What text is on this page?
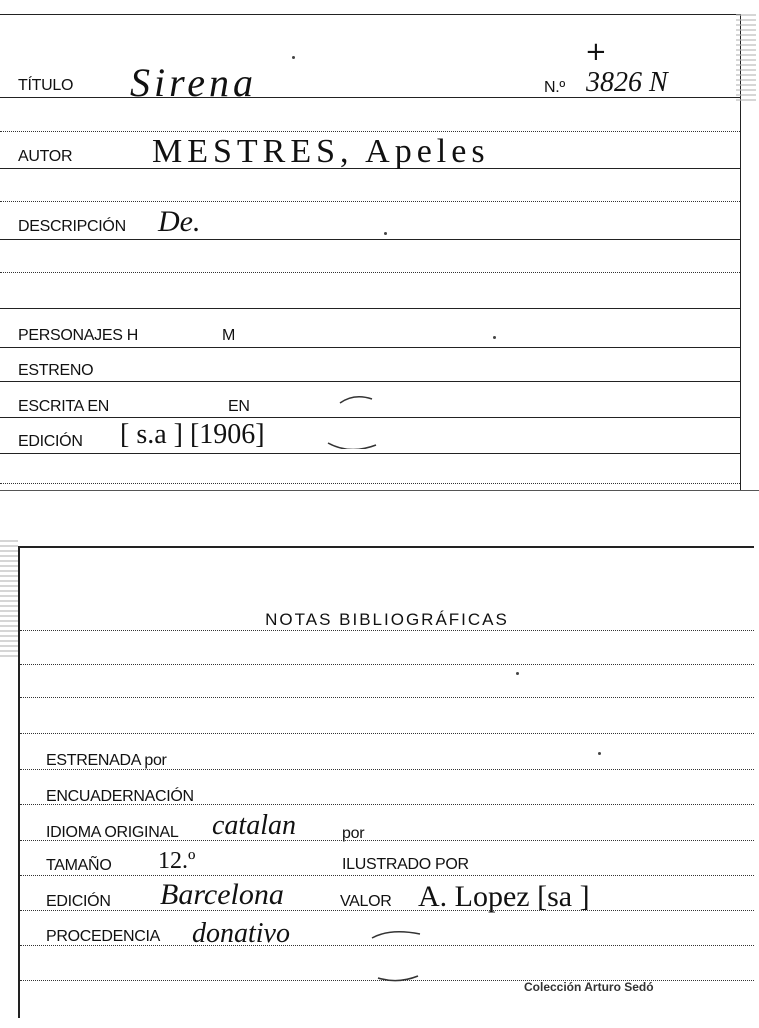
TÍTULO Sirena
+
N.º 3826 N
AUTOR MESTRES, Apeles
DESCRIPCIÓN De.
PERSONAJES H	M
ESTRENO
ESCRITA EN	EN
EDICIÓN [ s.a ] [1906]
NOTAS BIBLIOGRÁFICAS
ESTRENADA por
ENCUADERNACIÓN
IDIOMA ORIGINAL catalan	por
TAMAÑO 12.º	ILUSTRADO POR
EDICIÓN Barcelona	VALOR A. Lopez [sa ]
PROCEDENCIA donativo
Colección Arturo Sedó
